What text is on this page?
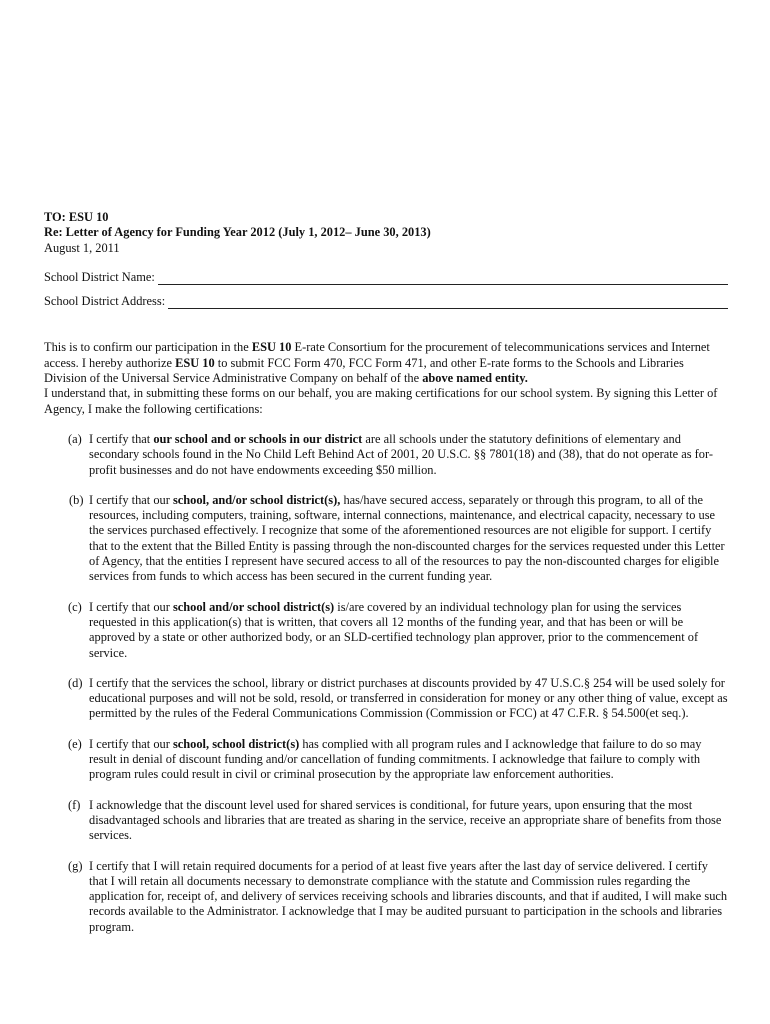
TO: ESU 10
Re: Letter of Agency for Funding Year 2012 (July 1, 2012– June 30, 2013)
August 1, 2011
School District Name:
School District Address:

This is to confirm our participation in the ESU 10 E-rate Consortium for the procurement of telecommunications services and Internet access. I hereby authorize ESU 10 to submit FCC Form 470, FCC Form 471, and other E-rate forms to the Schools and Libraries Division of the Universal Service Administrative Company on behalf of the above named entity.

I understand that, in submitting these forms on our behalf, you are making certifications for our school system. By signing this Letter of Agency, I make the following certifications:

(a) I certify that our school and or schools in our district are all schools under the statutory definitions of elementary and secondary schools found in the No Child Left Behind Act of 2001, 20 U.S.C. §§ 7801(18) and (38), that do not operate as for-profit businesses and do not have endowments exceeding $50 million.
(b) I certify that our school, and/or school district(s), has/have secured access, separately or through this program, to all of the resources, including computers, training, software, internal connections, maintenance, and electrical capacity, necessary to use the services purchased effectively. I recognize that some of the aforementioned resources are not eligible for support. I certify that to the extent that the Billed Entity is passing through the non-discounted charges for the services requested under this Letter of Agency, that the entities I represent have secured access to all of the resources to pay the non-discounted charges for eligible services from funds to which access has been secured in the current funding year.
(c) I certify that our school and/or school district(s) is/are covered by an individual technology plan for using the services requested in this application(s) that is written, that covers all 12 months of the funding year, and that has been or will be approved by a state or other authorized body, or an SLD-certified technology plan approver, prior to the commencement of service.
(d) I certify that the services the school, library or district purchases at discounts provided by 47 U.S.C.§ 254 will be used solely for educational purposes and will not be sold, resold, or transferred in consideration for money or any other thing of value, except as permitted by the rules of the Federal Communications Commission (Commission or FCC) at 47 C.F.R. § 54.500(et seq.).
(e) I certify that our school, school district(s) has complied with all program rules and I acknowledge that failure to do so may result in denial of discount funding and/or cancellation of funding commitments. I acknowledge that failure to comply with program rules could result in civil or criminal prosecution by the appropriate law enforcement authorities.
(f) I acknowledge that the discount level used for shared services is conditional, for future years, upon ensuring that the most disadvantaged schools and libraries that are treated as sharing in the service, receive an appropriate share of benefits from those services.
(g) I certify that I will retain required documents for a period of at least five years after the last day of service delivered. I certify that I will retain all documents necessary to demonstrate compliance with the statute and Commission rules regarding the application for, receipt of, and delivery of services receiving schools and libraries discounts, and that if audited, I will make such records available to the Administrator. I acknowledge that I may be audited pursuant to participation in the schools and libraries program.
